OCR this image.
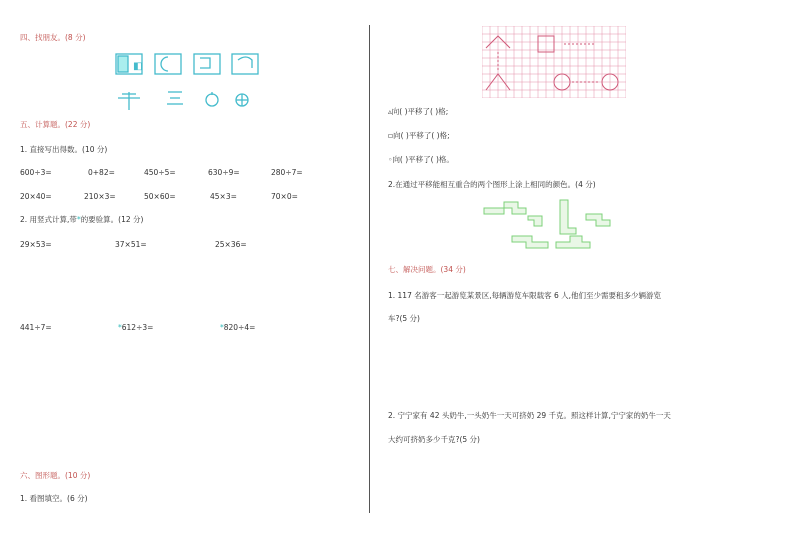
四、找朋友。(8 分)
◧
五、计算题。(22 分)
1. 直接写出得数。(10 分)
600÷3=	0+82=	450÷5=	630÷9=	280÷7=
20×40=	210×3=	50×60=	45×3=	70×0=
2. 用竖式计算,带*的要验算。(12 分)
29×53=	37×51=	25×36=
441÷7=	*612÷3=	*820÷4=
六、图形题。(10 分)
1. 看图填空。(6 分)
▵向( )平移了( )格;
▫向( )平移了( )格;
◦向( )平移了( )格。
2.在通过平移能相互重合的两个图形上涂上相同的颜色。(4 分)
七、解决问题。(34 分)
1. 117 名游客一起游览某景区,每辆游览车限载客 6 人,他们至少需要租多少辆游览
车?(5 分)
2. 宁宁家有 42 头奶牛,一头奶牛一天可挤奶 29 千克。照这样计算,宁宁家的奶牛一天
大约可挤奶多少千克?(5 分)
